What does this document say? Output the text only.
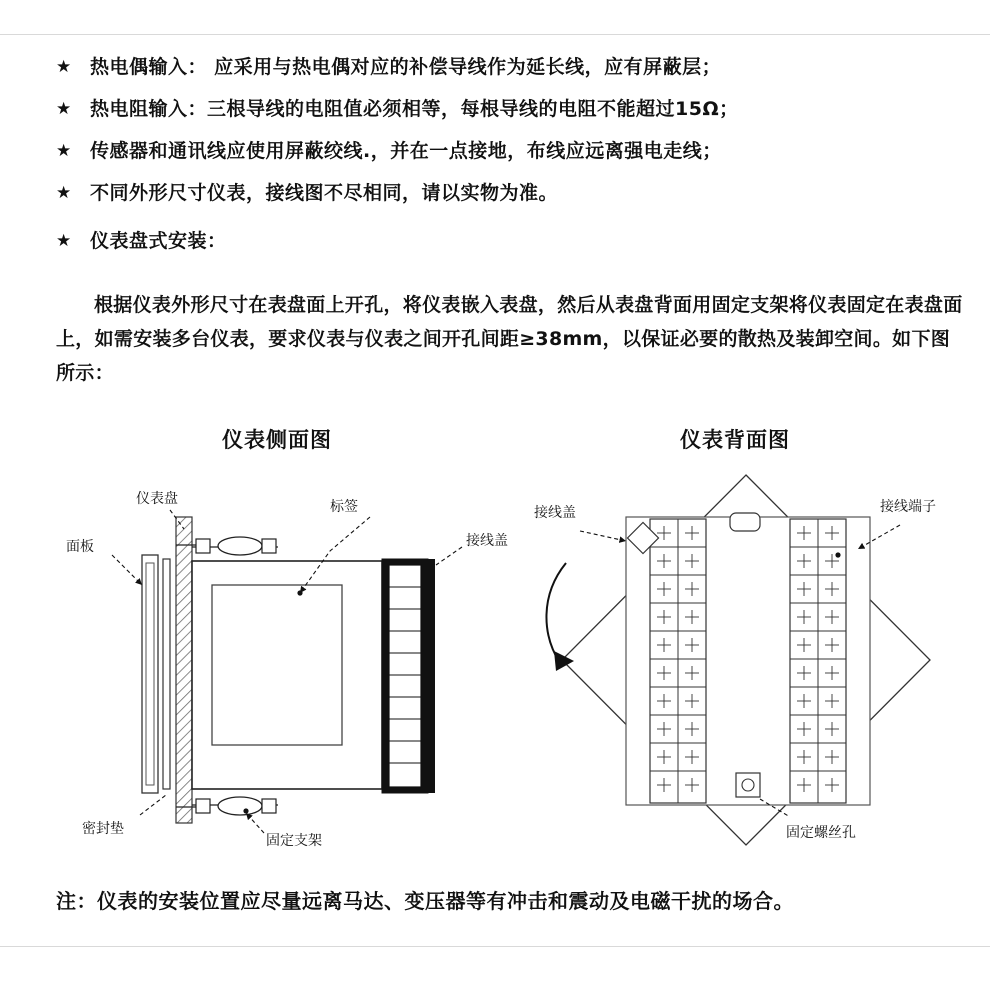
★ 热电偶输入： 应采用与热电偶对应的补偿导线作为延长线，应有屏蔽层；
★ 热电阻输入：三根导线的电阻值必须相等，每根导线的电阻不能超过15Ω；
★ 传感器和通讯线应使用屏蔽绞线.，并在一点接地，布线应远离强电走线；
★ 不同外形尺寸仪表，接线图不尽相同，请以实物为准。
★ 仪表盘式安装：
根据仪表外形尺寸在表盘面上开孔，将仪表嵌入表盘，然后从表盘背面用固定支架将仪表固定在表盘面上，如需安装多台仪表，要求仪表与仪表之间开孔间距≥38mm，以保证必要的散热及装卸空间。如下图所示：
仪表侧面图	仪表背面图
仪表盘
面板
标签
接线盖
密封垫
固定支架
接线盖	接线端子
固定螺丝孔
注：仪表的安装位置应尽量远离马达、变压器等有冲击和震动及电磁干扰的场合。
